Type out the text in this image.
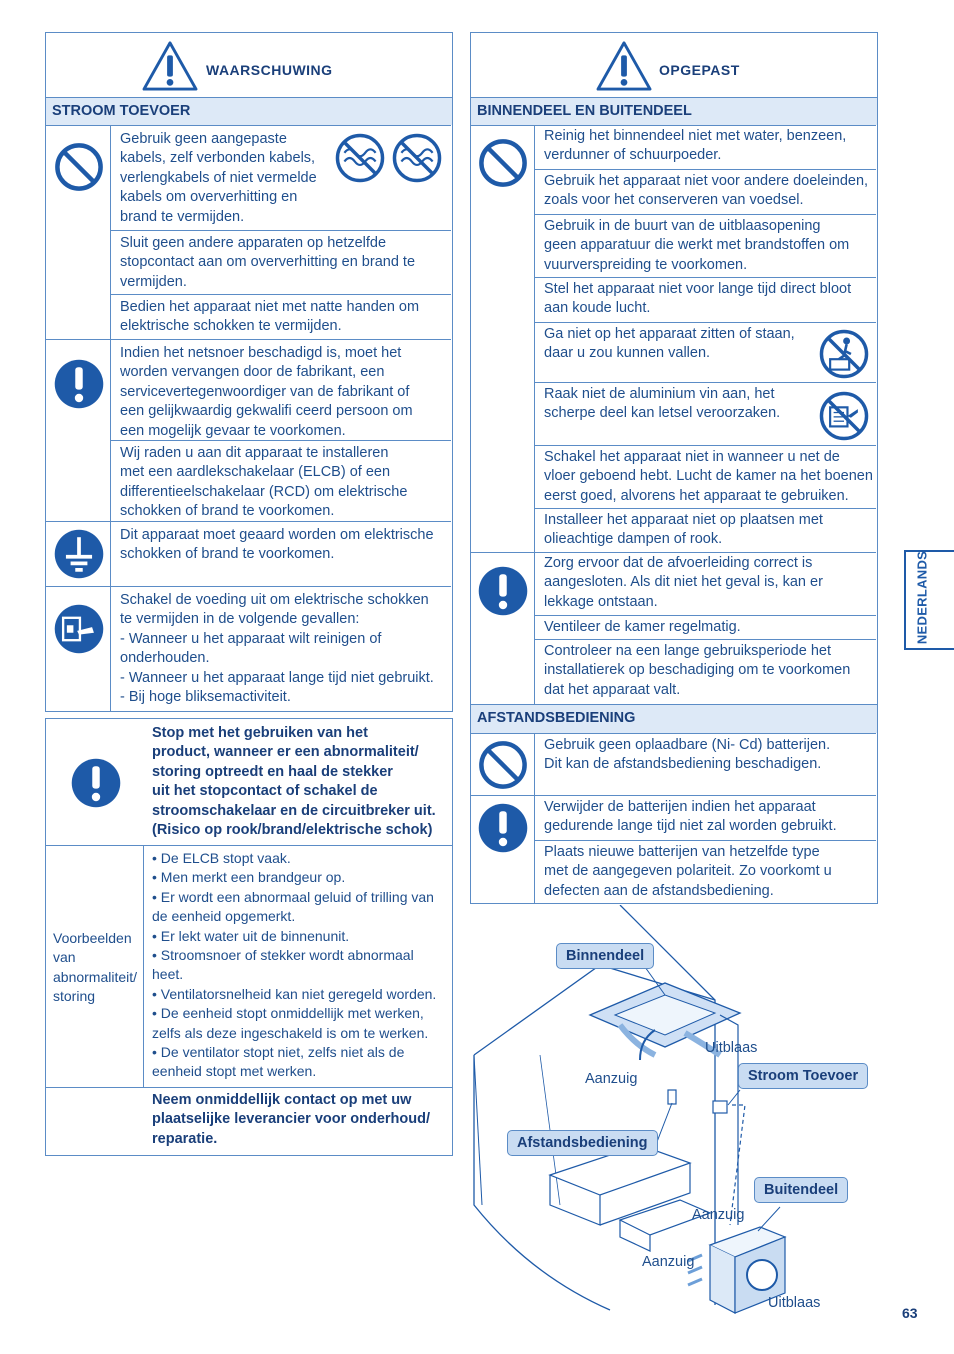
WAARSCHUWING
STROOM TOEVOER
Gebruik geen aangepaste
kabels, zelf verbonden kabels,
verlengkabels of niet vermelde
kabels om oververhitting en
brand te vermijden.
Sluit geen andere apparaten op hetzelfde
stopcontact aan om oververhitting en brand te
vermijden.
Bedien het apparaat niet met natte handen om
elektrische schokken te vermijden.
Indien het netsnoer beschadigd is, moet het
worden vervangen door de fabrikant, een
servicevertegenwoordiger van de fabrikant of
een gelijkwaardig gekwalifi ceerd persoon om
een mogelijk gevaar te voorkomen.
Wij raden u aan dit apparaat te installeren
met een aardlekschakelaar (ELCB) of een
differentieelschakelaar (RCD) om elektrische
schokken of brand te voorkomen.
Dit apparaat moet geaard worden om elektrische
schokken of brand te voorkomen.
Schakel de voeding uit om elektrische schokken
te vermijden in de volgende gevallen:
- Wanneer u het apparaat wilt reinigen of
onderhouden.
- Wanneer u het apparaat lange tijd niet gebruikt.
- Bij hoge bliksemactiviteit.
Stop met het gebruiken van het
product, wanneer er een abnormaliteit/
storing optreedt en haal de stekker
uit het stopcontact of schakel de
stroomschakelaar en de circuitbreker uit.
(Risico op rook/brand/elektrische schok)
Voorbeelden
van
abnormaliteit/
storing
• De ELCB stopt vaak.
• Men merkt een brandgeur op.
• Er wordt een abnormaal geluid of trilling van
de eenheid opgemerkt.
• Er lekt water uit de binnenunit.
• Stroomsnoer of stekker wordt abnormaal
heet.
• Ventilatorsnelheid kan niet geregeld worden.
• De eenheid stopt onmiddellijk met werken,
zelfs als deze ingeschakeld is om te werken.
• De ventilator stopt niet, zelfs niet als de
eenheid stopt met werken.
Neem onmiddellijk contact op met uw
plaatselijke leverancier voor onderhoud/
reparatie.
OPGEPAST
BINNENDEEL EN BUITENDEEL
Reinig het binnendeel niet met water, benzeen,
verdunner of schuurpoeder.
Gebruik het apparaat niet voor andere doeleinden,
zoals voor het conserveren van voedsel.
Gebruik in de buurt van de uitblaasopening
geen apparatuur die werkt met brandstoffen om
vuurverspreiding te voorkomen.
Stel het apparaat niet voor lange tijd direct bloot
aan koude lucht.
Ga niet op het apparaat zitten of staan,
daar u zou kunnen vallen.
Raak niet de aluminium vin aan, het
scherpe deel kan letsel veroorzaken.
Schakel het apparaat niet in wanneer u net de
vloer geboend hebt. Lucht de kamer na het boenen
eerst goed, alvorens het apparaat te gebruiken.
Installeer het apparaat niet op plaatsen met
olieachtige dampen of rook.
Zorg ervoor dat de afvoerleiding correct is
aangesloten. Als dit niet het geval is, kan er
lekkage ontstaan.
Ventileer de kamer regelmatig.
Controleer na een lange gebruiksperiode het
installatierek op beschadiging om te voorkomen
dat het apparaat valt.
AFSTANDSBEDIENING
Gebruik geen oplaadbare (Ni- Cd) batterijen.
Dit kan de afstandsbediening beschadigen.
Verwijder de batterijen indien het apparaat
gedurende lange tijd niet zal worden gebruikt.
Plaats nieuwe batterijen van hetzelfde type
met de aangegeven polariteit. Zo voorkomt u
defecten aan de afstandsbediening.
Binnendeel
Uitblaas
Aanzuig	Stroom Toevoer
Afstandsbediening
Buitendeel
Aanzuig
Aanzuig
Uitblaas
NEDERLANDS
63
